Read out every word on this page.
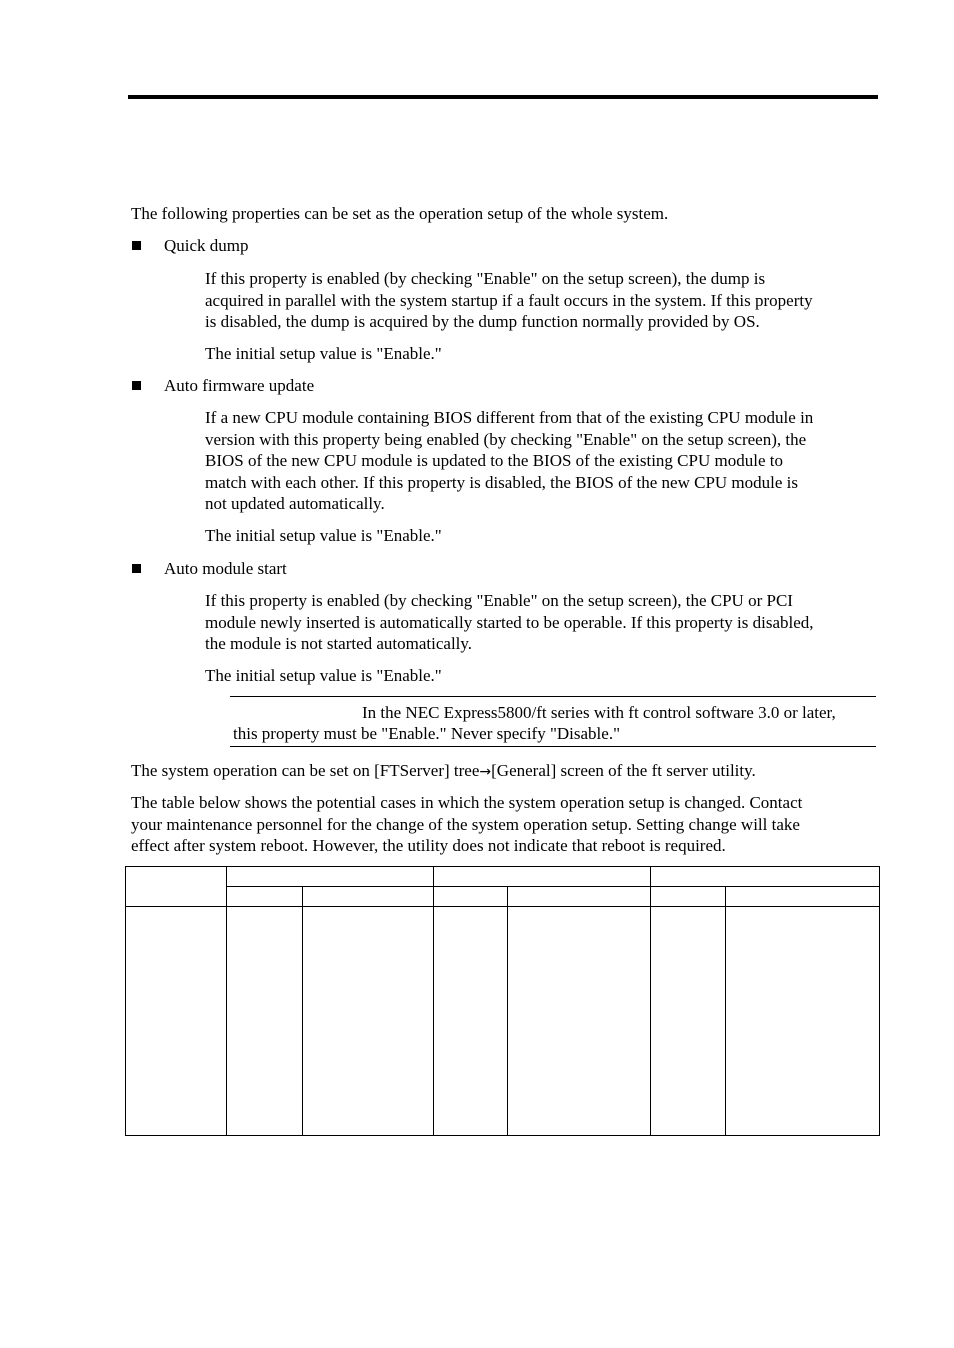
The following properties can be set as the operation setup of the whole system.

Quick dump

If this property is enabled (by checking "Enable" on the setup screen), the dump is

acquired in parallel with the system startup if a fault occurs in the system. If this property

is disabled, the dump is acquired by the dump function normally provided by OS.

The initial setup value is "Enable."

Auto firmware update

If a new CPU module containing BIOS different from that of the existing CPU module in

version with this property being enabled (by checking "Enable" on the setup screen), the

BIOS of the new CPU module is updated to the BIOS of the existing CPU module to

match with each other. If this property is disabled, the BIOS of the new CPU module is

not updated automatically.

The initial setup value is "Enable."

Auto module start

If this property is enabled (by checking "Enable" on the setup screen), the CPU or PCI

module newly inserted is automatically started to be operable. If this property is disabled,

the module is not started automatically.

The initial setup value is "Enable."

In the NEC Express5800/ft series with ft control software 3.0 or later,
this property must be "Enable." Never specify "Disable."

The system operation can be set on [FTServer] tree→[General] screen of the ft server utility.

The table below shows the potential cases in which the system operation setup is changed. Contact

your maintenance personnel for the change of the system operation setup. Setting change will take

effect after system reboot. However, the utility does not indicate that reboot is required.
